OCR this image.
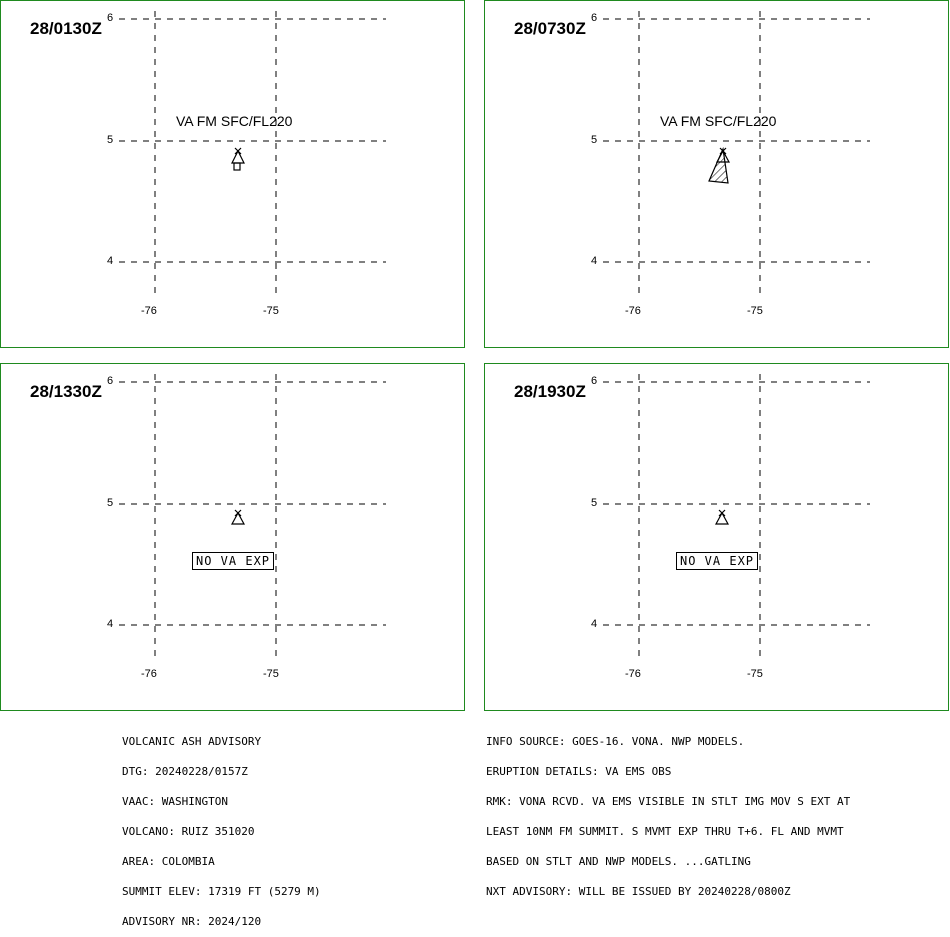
28/0130Z
6
5
4
-76	-75
VA FM SFC/FL220
28/0730Z
6
5
4
-76	-75
VA FM SFC/FL220
28/1330Z
6
5
4
-76	-75
NO VA EXP
28/1930Z
6
5
4
-76	-75
NO VA EXP

VOLCANIC ASH ADVISORY

DTG: 20240228/0157Z

VAAC: WASHINGTON

VOLCANO: RUIZ 351020

AREA: COLOMBIA

SUMMIT ELEV: 17319 FT (5279 M)

ADVISORY NR: 2024/120

INFO SOURCE: GOES-16. VONA. NWP MODELS.

ERUPTION DETAILS: VA EMS OBS

RMK: VONA RCVD. VA EMS VISIBLE IN STLT IMG MOV S EXT AT

LEAST 10NM FM SUMMIT. S MVMT EXP THRU T+6. FL AND MVMT

BASED ON STLT AND NWP MODELS. ...GATLING

NXT ADVISORY: WILL BE ISSUED BY 20240228/0800Z
